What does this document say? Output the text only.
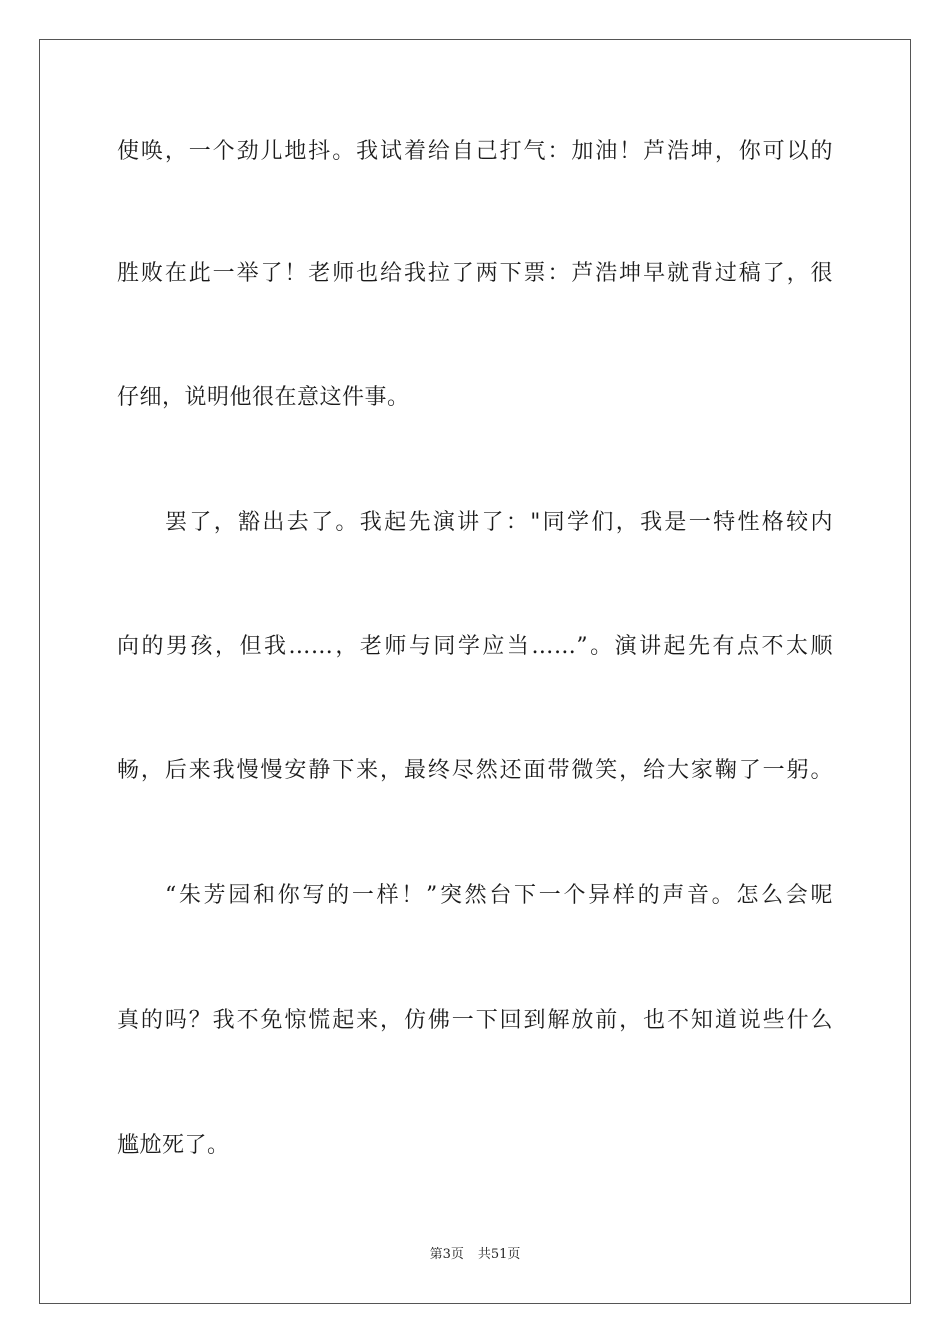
使唤，一个劲儿地抖。我试着给自己打气：加油！芦浩坤，你可以的
胜败在此一举了！老师也给我拉了两下票：芦浩坤早就背过稿了，很
仔细，说明他很在意这件事。
罢了，豁出去了。我起先演讲了："同学们，我是一特性格较内
向的男孩，但我……，老师与同学应当……”。演讲起先有点不太顺
畅，后来我慢慢安静下来，最终尽然还面带微笑，给大家鞠了一躬。
“朱芳园和你写的一样！”突然台下一个异样的声音。怎么会呢
真的吗？我不免惊慌起来，仿佛一下回到解放前，也不知道说些什么
尴尬死了。
第3页 共51页
